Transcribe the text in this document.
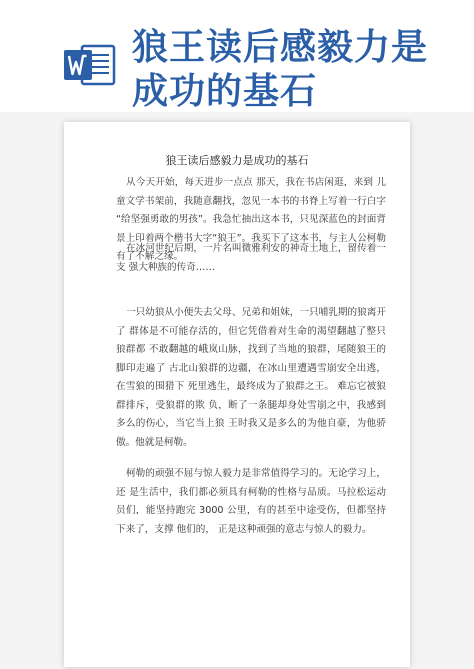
狼王读后感毅力是成功的基石
狼王读后感毅力是成功的基石

从今天开始，每天进步一点点 那天，我在书店闲逛，来到 儿童文学书架前，我随意翻找，忽见一本书的书脊上写着一行白字 “给坚强勇敢的男孩”。我急忙抽出这本书，只见深蓝色的封面背 景上印着两个楷书大字“狼王”。我买下了这本书，与主人公柯勒 有了不解之缘。

在冰河世纪后期，一片名叫微雅利安的神奇土地上，留传着一支 强大种族的传奇……

一只幼狼从小便失去父母、兄弟和姐妹，一只哺乳期的狼离开了 群体是不可能存活的，但它凭借着对生命的渴望翻越了整只狼群都 不敢翻越的峨岚山脉，找到了当地的狼群，尾随狼王的脚印走遍了 古北山狼群的边疆，在冰山里遭遇雪崩安全出逃，在雪狼的围猎下 死里逃生，最终成为了狼群之王。 难忘它被狼群排斥，受狼群的欺 负，断了一条腿却身处雪崩之中，我感到多么的伤心，当它当上狼 王时我又是多么的为他自豪，为他骄傲。他就是柯勒。

柯勒的顽强不屈与惊人毅力是非常值得学习的。无论学习上， 还 是生活中，我们都必须具有柯勒的性格与品质。马拉松运动员们，能坚持跑完 3000 公里，有的甚至中途受伤，但都坚持下来了，支撑 他们的， 正是这种顽强的意志与惊人的毅力。
